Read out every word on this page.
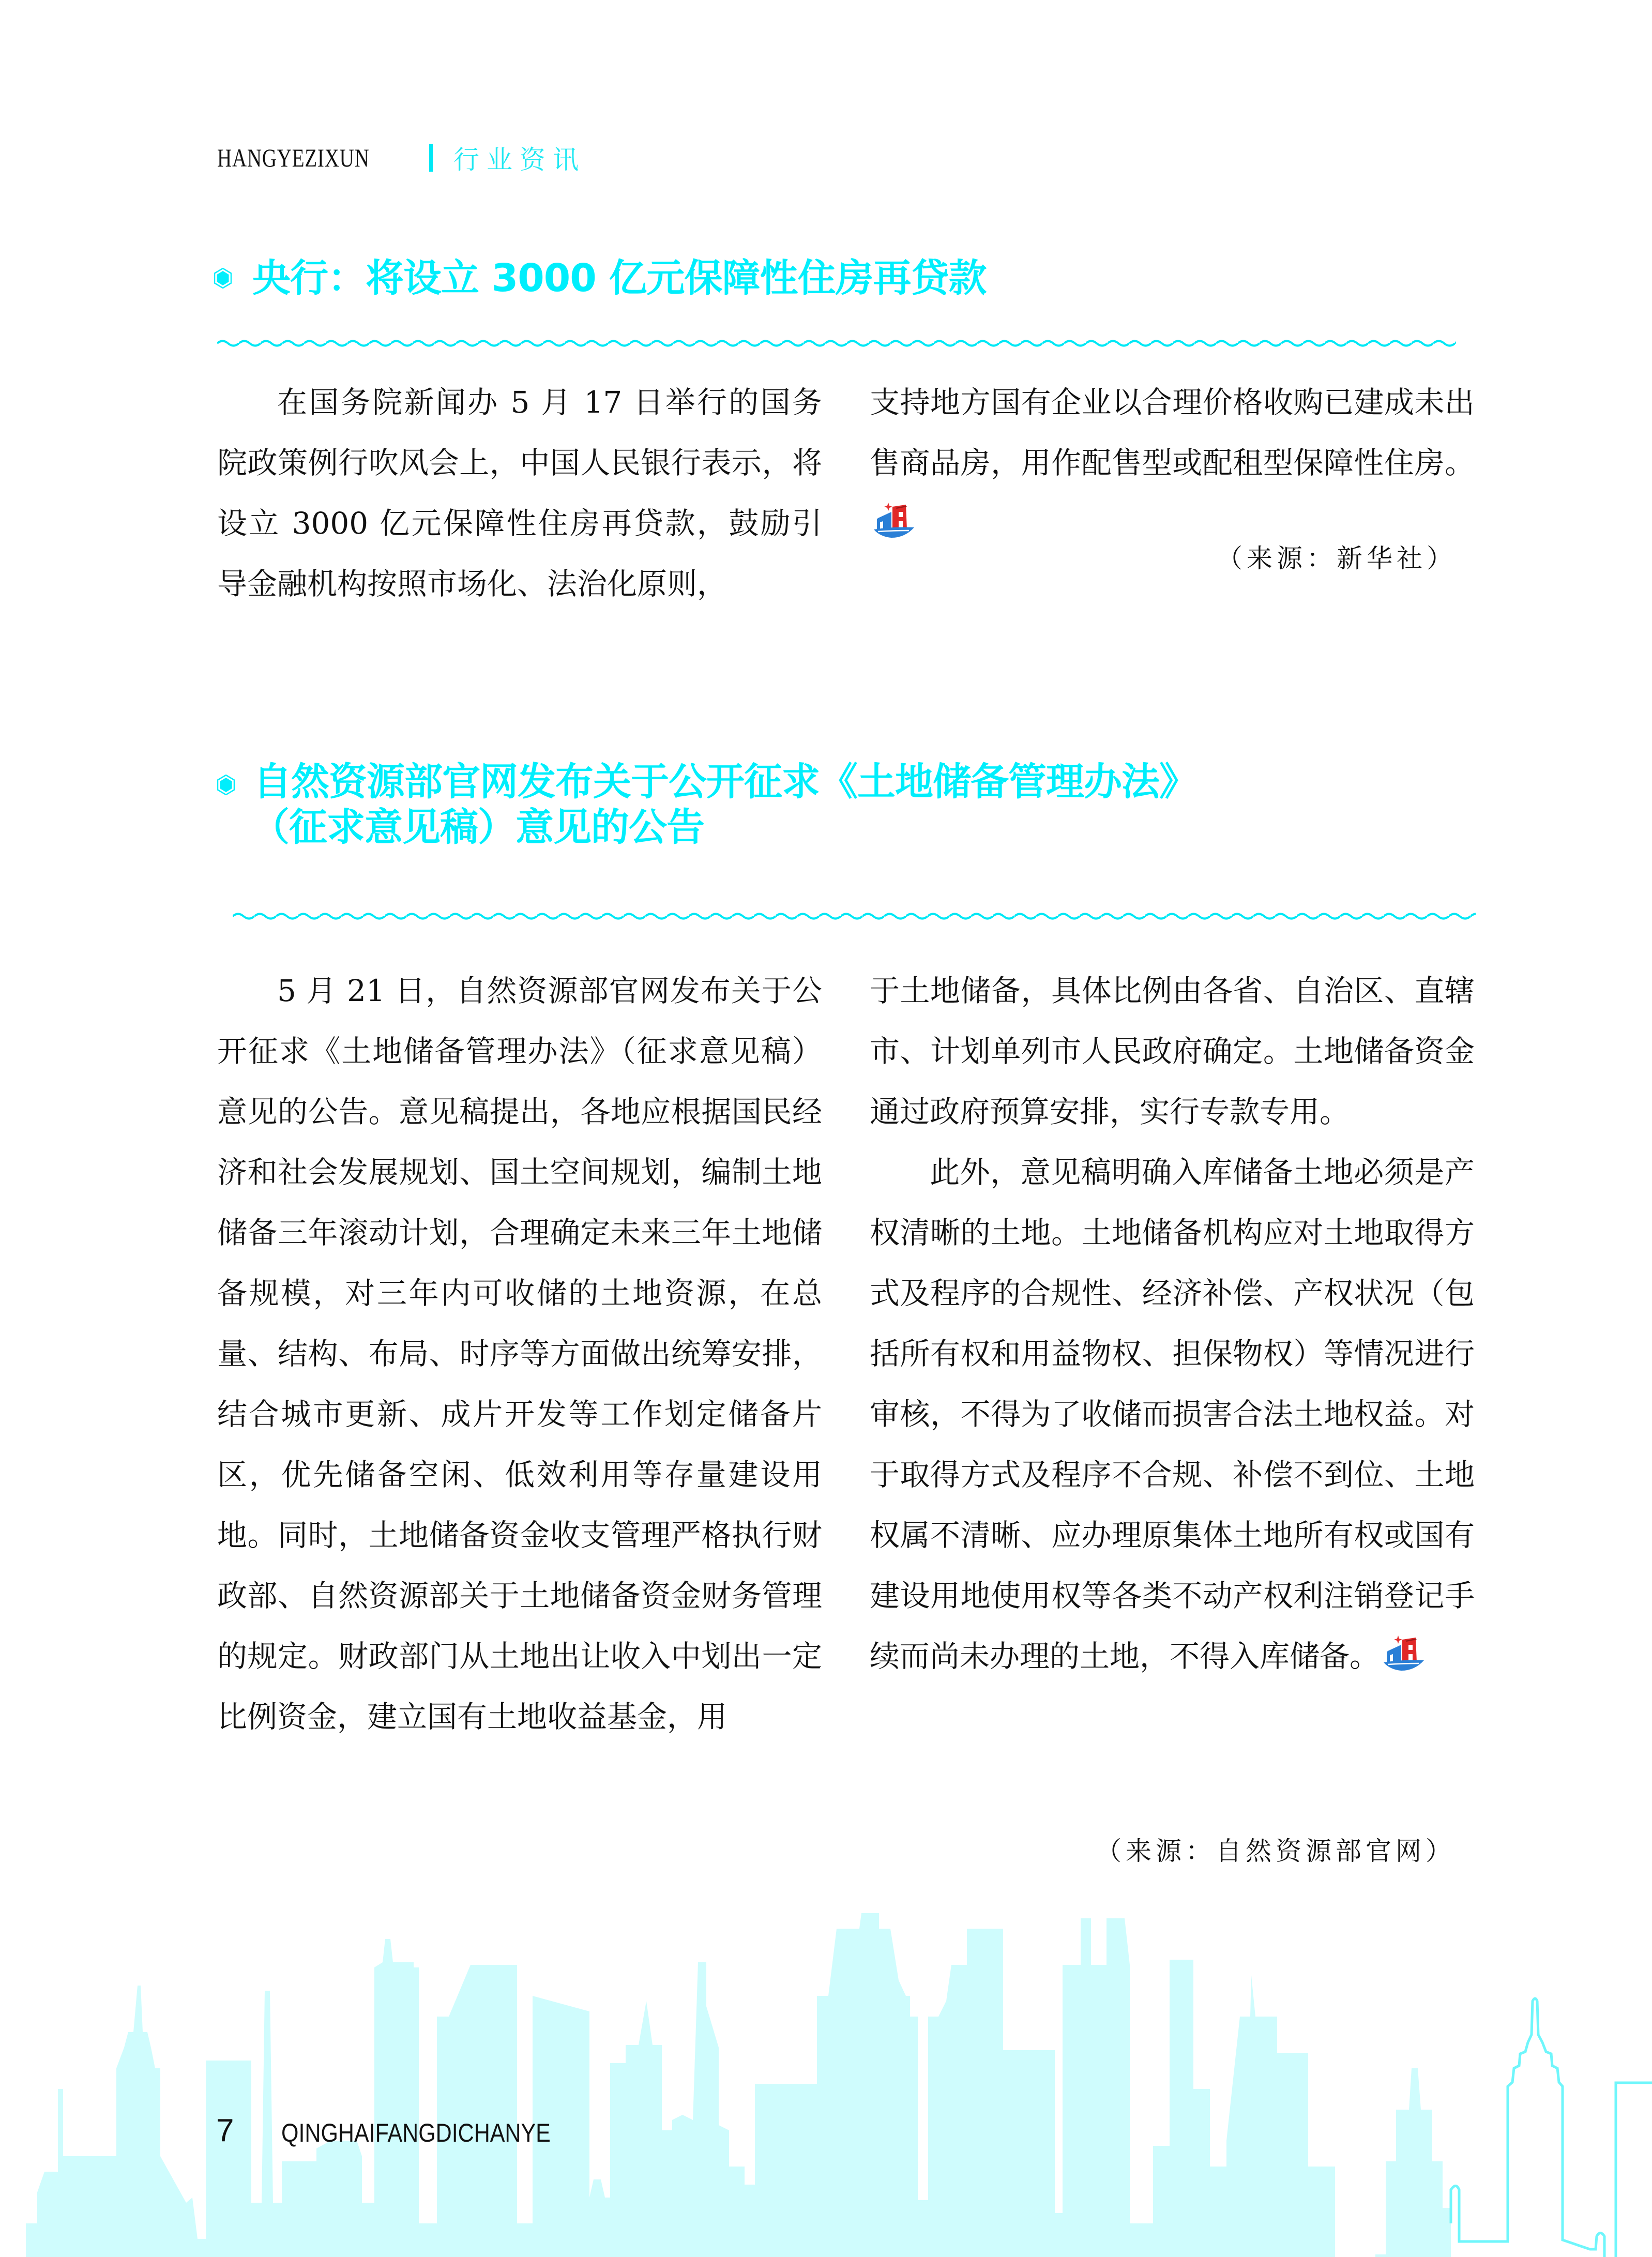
HANGYEZIXUN	行业资讯
央行：将设立 3000 亿元保障性住房再贷款

在国务院新闻办 5 月 17 日举行的国务院政策例行吹风会上，中国人民银行表示，将设立 3000 亿元保障性住房再贷款，鼓励引导金融机构按照市场化、法治化原则，

支持地方国有企业以合理价格收购已建成未出售商品房，用作配售型或配租型保障性住房。

（来源：新华社）
自然资源部官网发布关于公开征求《土地储备管理办法》
（征求意见稿）意见的公告

5 月 21 日，自然资源部官网发布关于公开征求《土地储备管理办法》（征求意见稿）意见的公告。意见稿提出，各地应根据国民经济和社会发展规划、国土空间规划，编制土地储备三年滚动计划，合理确定未来三年土地储备规模，对三年内可收储的土地资源，在总量、结构、布局、时序等方面做出统筹安排，结合城市更新、成片开发等工作划定储备片区，优先储备空闲、低效利用等存量建设用地。同时，土地储备资金收支管理严格执行财政部、自然资源部关于土地储备资金财务管理的规定。财政部门从土地出让收入中划出一定比例资金，建立国有土地收益基金，用

于土地储备，具体比例由各省、自治区、直辖市、计划单列市人民政府确定。土地储备资金通过政府预算安排，实行专款专用。

此外，意见稿明确入库储备土地必须是产权清晰的土地。土地储备机构应对土地取得方式及程序的合规性、经济补偿、产权状况（包括所有权和用益物权、担保物权）等情况进行审核，不得为了收储而损害合法土地权益。对于取得方式及程序不合规、补偿不到位、土地权属不清晰、应办理原集体土地所有权或国有建设用地使用权等各类不动产权利注销登记手续而尚未办理的土地，不得入库储备。

（来源：自然资源部官网）
7 QINGHAIFANGDICHANYE
